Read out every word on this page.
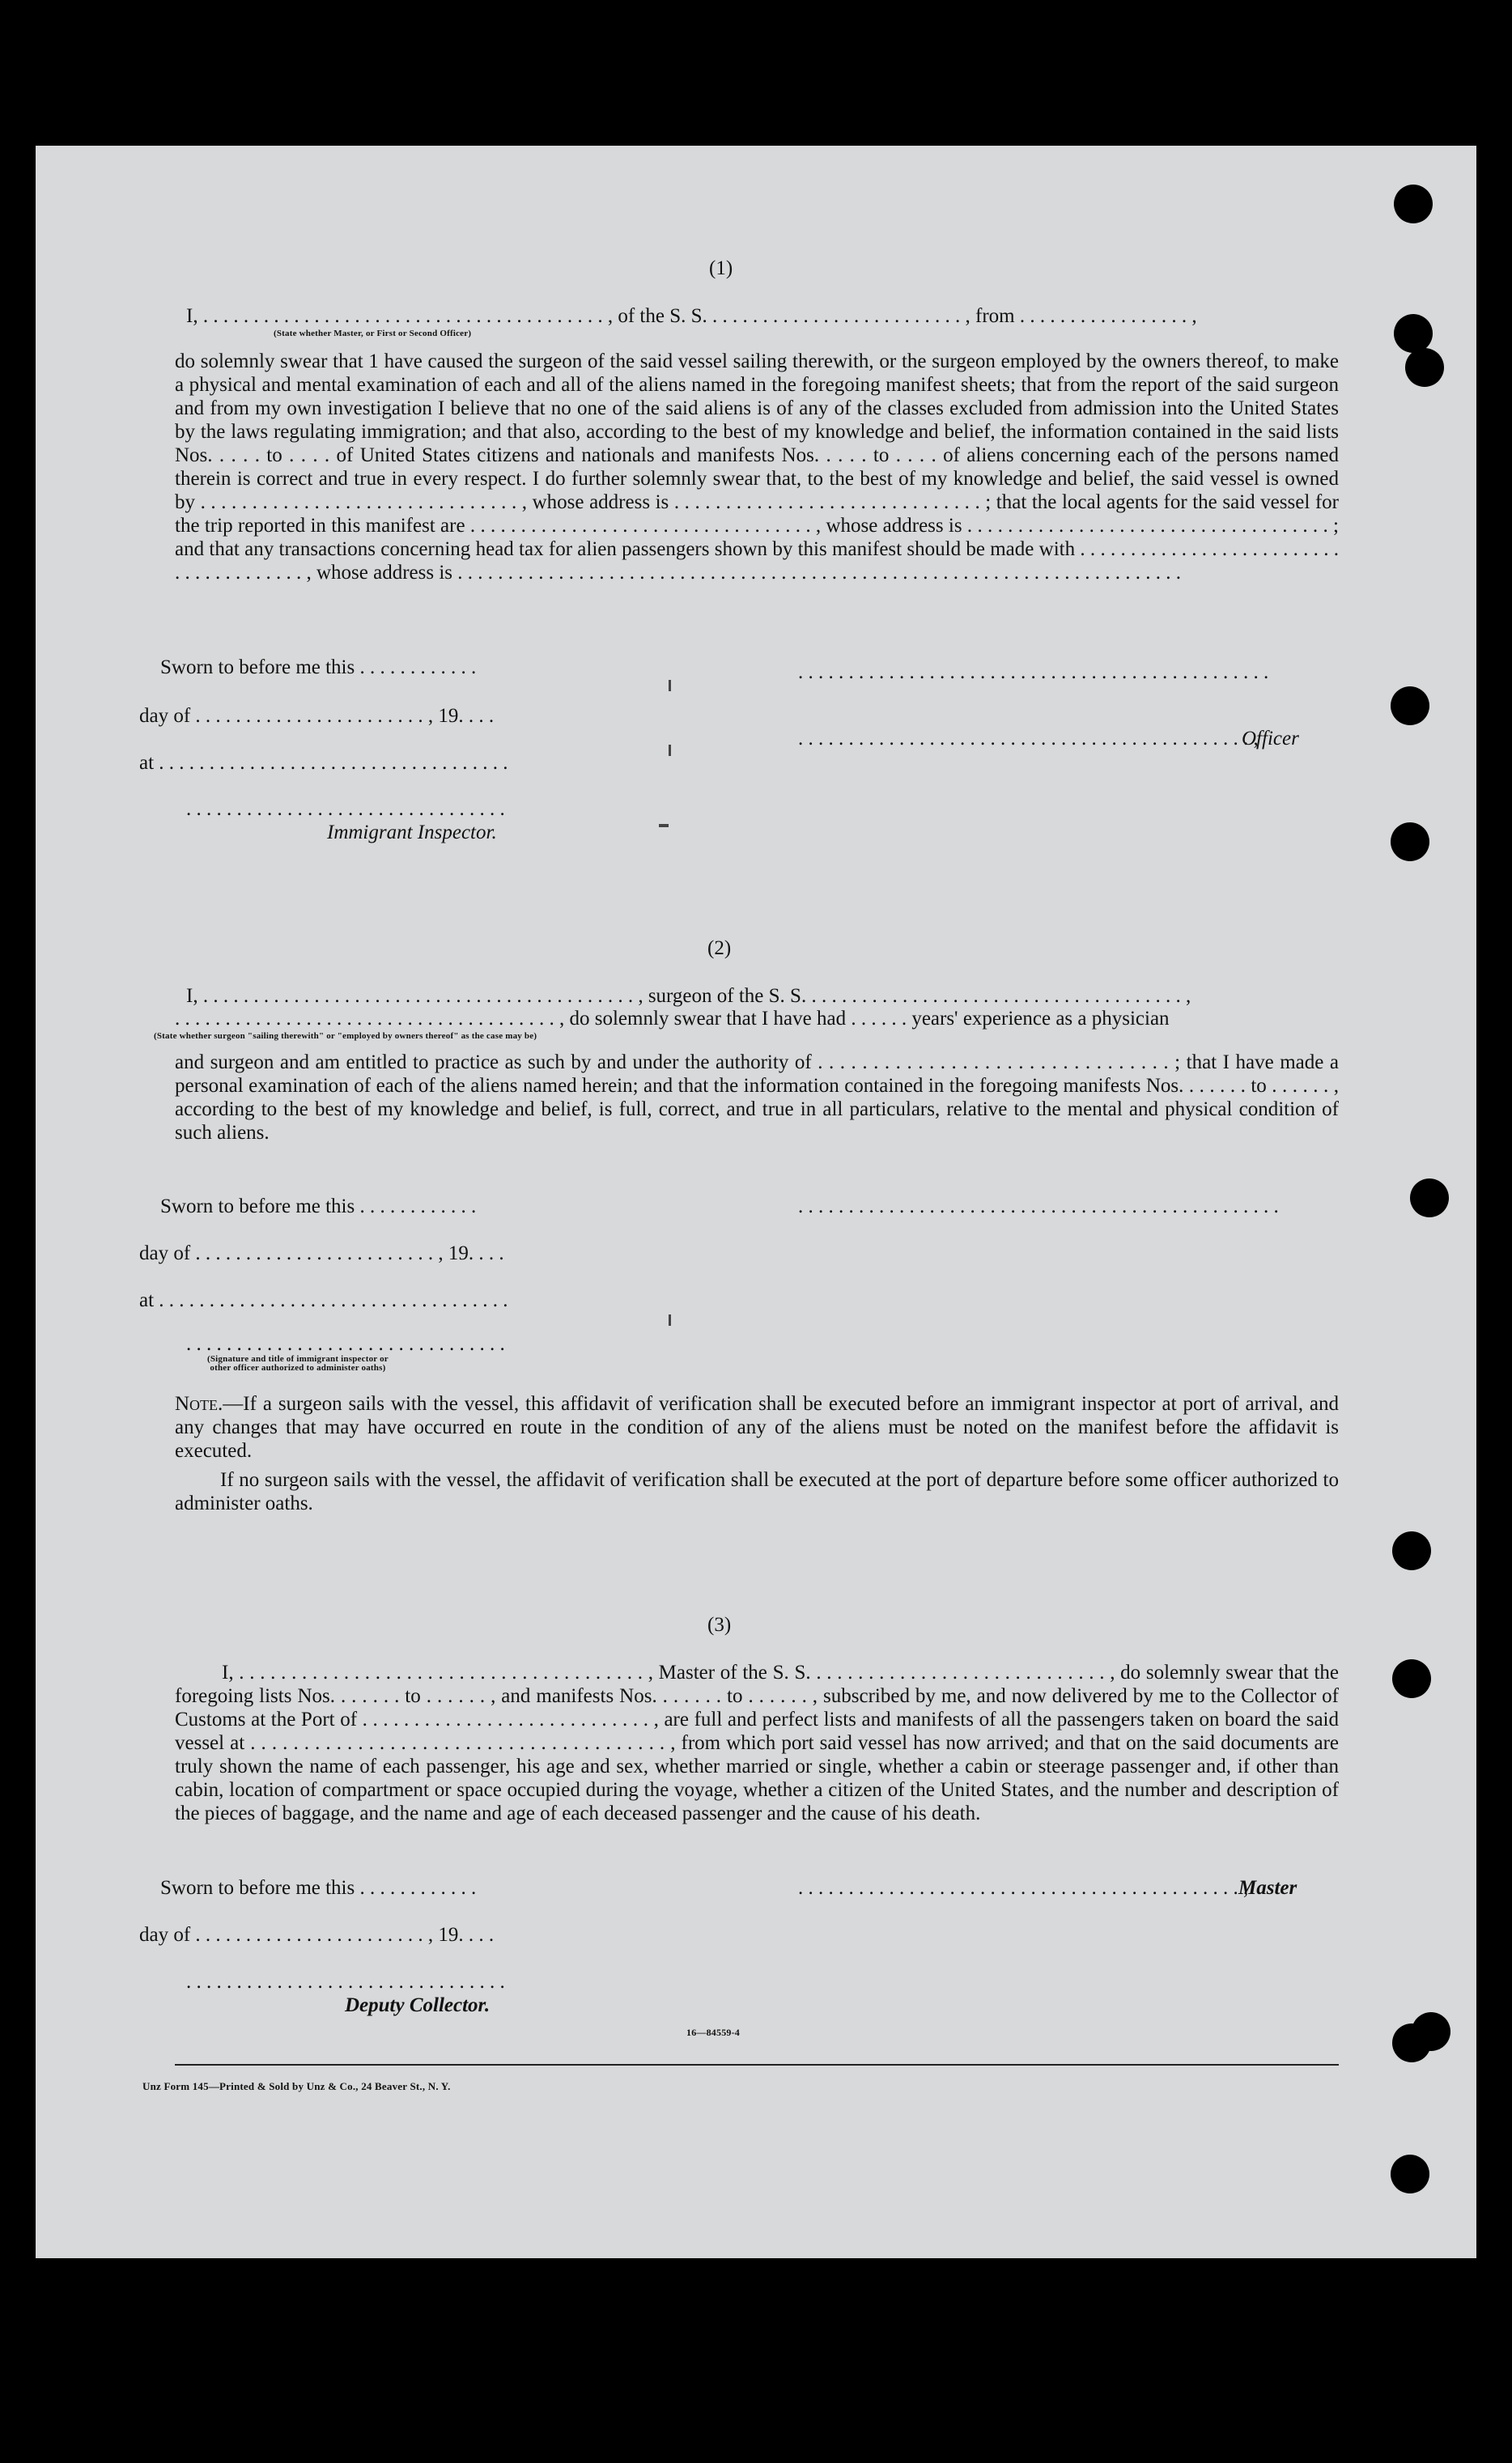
(1)
I, . . . . . . . . . . . . . . . . . . . . . . . . . . . . . . . . . . . . . . . . , of the S. S. . . . . . . . . . . . . . . . . . . . . . . . . . , from . . . . . . . . . . . . . . . . . ,
(State whether Master, or First or Second Officer)
do solemnly swear that 1 have caused the surgeon of the said vessel sailing therewith, or the surgeon employed by the owners thereof, to make a physical and mental examination of each and all of the aliens named in the foregoing manifest sheets; that from the report of the said surgeon and from my own investigation I believe that no one of the said aliens is of any of the classes excluded from admission into the United States by the laws regulating immigration; and that also, according to the best of my knowledge and belief, the information contained in the said lists Nos. . . . . to . . . . of United States citizens and nationals and manifests Nos. . . . . to . . . . of aliens concerning each of the persons named therein is correct and true in every respect. I do further solemnly swear that, to the best of my knowledge and belief, the said vessel is owned by . . . . . . . . . . . . . . . . . . . . . . . . . . . . . . . , whose address is . . . . . . . . . . . . . . . . . . . . . . . . . . . . . . ; that the local agents for the said vessel for the trip reported in this manifest are . . . . . . . . . . . . . . . . . . . . . . . . . . . . . . . . . . , whose address is . . . . . . . . . . . . . . . . . . . . . . . . . . . . . . . . . . . . ; and that any transactions concerning head tax for alien passengers shown by this manifest should be made with . . . . . . . . . . . . . . . . . . . . . . . . . . . . . . . . . . . . . . . , whose address is . . . . . . . . . . . . . . . . . . . . . . . . . . . . . . . . . . . . . . . . . . . . . . . . . . . . . . . . . . . . . . . . . . . . . . . .
Sworn to before me this . . . . . . . . . . . .
day of . . . . . . . . . . . . . . . . . . . . . . . , 19. . . .
at . . . . . . . . . . . . . . . . . . . . . . . . . . . . . . . . . . .
. . . . . . . . . . . . . . . . . . . . . . . . . . . . . . . .
Immigrant Inspector.
. . . . . . . . . . . . . . . . . . . . . . . . . . . . . . . . . . . . . . . . . . . . . . .
. . . . . . . . . . . . . . . . . . . . . . . . . . . . . . . . . . . . . . . . . . . . . ,
Officer
(2)
I, . . . . . . . . . . . . . . . . . . . . . . . . . . . . . . . . . . . . . . . . . . . , surgeon of the S. S. . . . . . . . . . . . . . . . . . . . . . . . . . . . . . . . . . . . . . ,
. . . . . . . . . . . . . . . . . . . . . . . . . . . . . . . . . . . . . . , do solemnly swear that I have had . . . . . . years' experience as a physician
(State whether surgeon "sailing therewith" or "employed by owners thereof" as the case may be)
and surgeon and am entitled to practice as such by and under the authority of . . . . . . . . . . . . . . . . . . . . . . . . . . . . . . . . ; that I have made a personal examination of each of the aliens named herein; and that the information contained in the foregoing manifests Nos. . . . . . . to . . . . . . , according to the best of my knowledge and belief, is full, correct, and true in all particulars, relative to the mental and physical condition of such aliens.
Sworn to before me this . . . . . . . . . . . .	. . . . . . . . . . . . . . . . . . . . . . . . . . . . . . . . . . . . . . . . . . . . . . . .
day of . . . . . . . . . . . . . . . . . . . . . . . . , 19. . . .
at . . . . . . . . . . . . . . . . . . . . . . . . . . . . . . . . . . .
. . . . . . . . . . . . . . . . . . . . . . . . . . . . . . . .
(Signature and title of immigrant inspector or
other officer authorized to administer oaths)
Note.—If a surgeon sails with the vessel, this affidavit of verification shall be executed before an immigrant inspector at port of arrival, and any changes that may have occurred en route in the condition of any of the aliens must be noted on the manifest before the affidavit is executed.
If no surgeon sails with the vessel, the affidavit of verification shall be executed at the port of departure before some officer authorized to administer oaths.
(3)
I, . . . . . . . . . . . . . . . . . . . . . . . . . . . . . . . . . . . . . . . , Master of the S. S. . . . . . . . . . . . . . . . . . . . . . . . . . . . . , do solemnly swear that the foregoing lists Nos. . . . . . . to . . . . . . , and manifests Nos. . . . . . . to . . . . . . , subscribed by me, and now delivered by me to the Collector of Customs at the Port of . . . . . . . . . . . . . . . . . . . . . . . . . . . . , are full and perfect lists and manifests of all the passengers taken on board the said vessel at . . . . . . . . . . . . . . . . . . . . . . . . . . . . . . . . . . . . . . . , from which port said vessel has now arrived; and that on the said documents are truly shown the name of each passenger, his age and sex, whether married or single, whether a cabin or steerage passenger and, if other than cabin, location of compartment or space occupied during the voyage, whether a citizen of the United States, and the number and description of the pieces of baggage, and the name and age of each deceased passenger and the cause of his death.
Sworn to before me this . . . . . . . . . . . .	. . . . . . . . . . . . . . . . . . . . . . . . . . . . . . . . . . . . . . . . . . . . ,
Master
day of . . . . . . . . . . . . . . . . . . . . . . . , 19. . . .
. . . . . . . . . . . . . . . . . . . . . . . . . . . . . . . .
Deputy Collector.
16—84559-4
Unz Form 145—Printed & Sold by Unz & Co., 24 Beaver St., N. Y.
